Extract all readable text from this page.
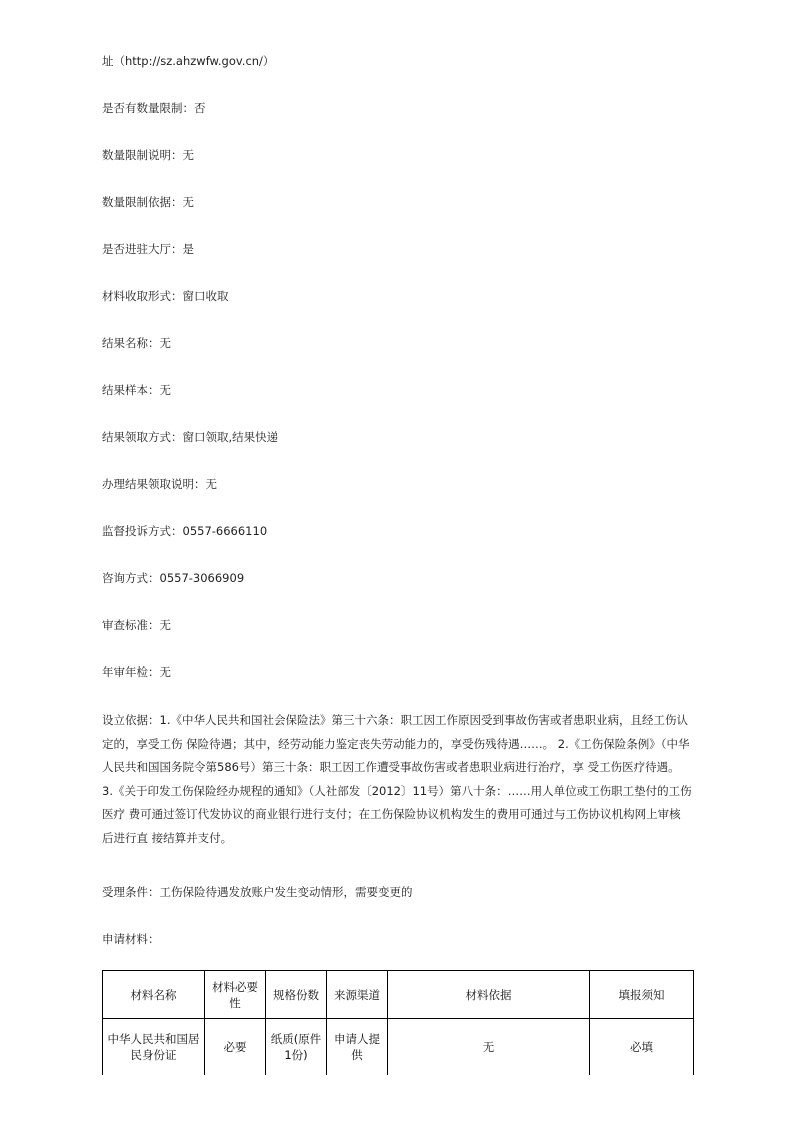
址（http://sz.ahzwfw.gov.cn/）
是否有数量限制：否
数量限制说明：无
数量限制依据：无
是否进驻大厅：是
材料收取形式：窗口收取
结果名称：无
结果样本：无
结果领取方式：窗口领取,结果快递
办理结果领取说明：无
监督投诉方式：0557-6666110
咨询方式：0557-3066909
审查标准：无
年审年检：无
设立依据：1.《中华人民共和国社会保险法》第三十六条：职工因工作原因受到事故伤害或者患职业病，且经工伤认定的，享受工伤 保险待遇；其中，经劳动能力鉴定丧失劳动能力的，享受伤残待遇……。 2.《工伤保险条例》（中华人民共和国国务院令第586号）第三十条：职工因工作遭受事故伤害或者患职业病进行治疗，享 受工伤医疗待遇。 3.《关于印发工伤保险经办规程的通知》（人社部发〔2012〕11号）第八十条：……用人单位或工伤职工垫付的工伤医疗 费可通过签订代发协议的商业银行进行支付；在工伤保险协议机构发生的费用可通过与工伤协议机构网上审核后进行直 接结算并支付。
受理条件：工伤保险待遇发放账户发生变动情形，需要变更的
申请材料：
材料名称	材料必要性	规格份数	来源渠道	材料依据	填报须知
中华人民共和国居民身份证	必要	纸质(原件1份)	申请人提供	无	必填
